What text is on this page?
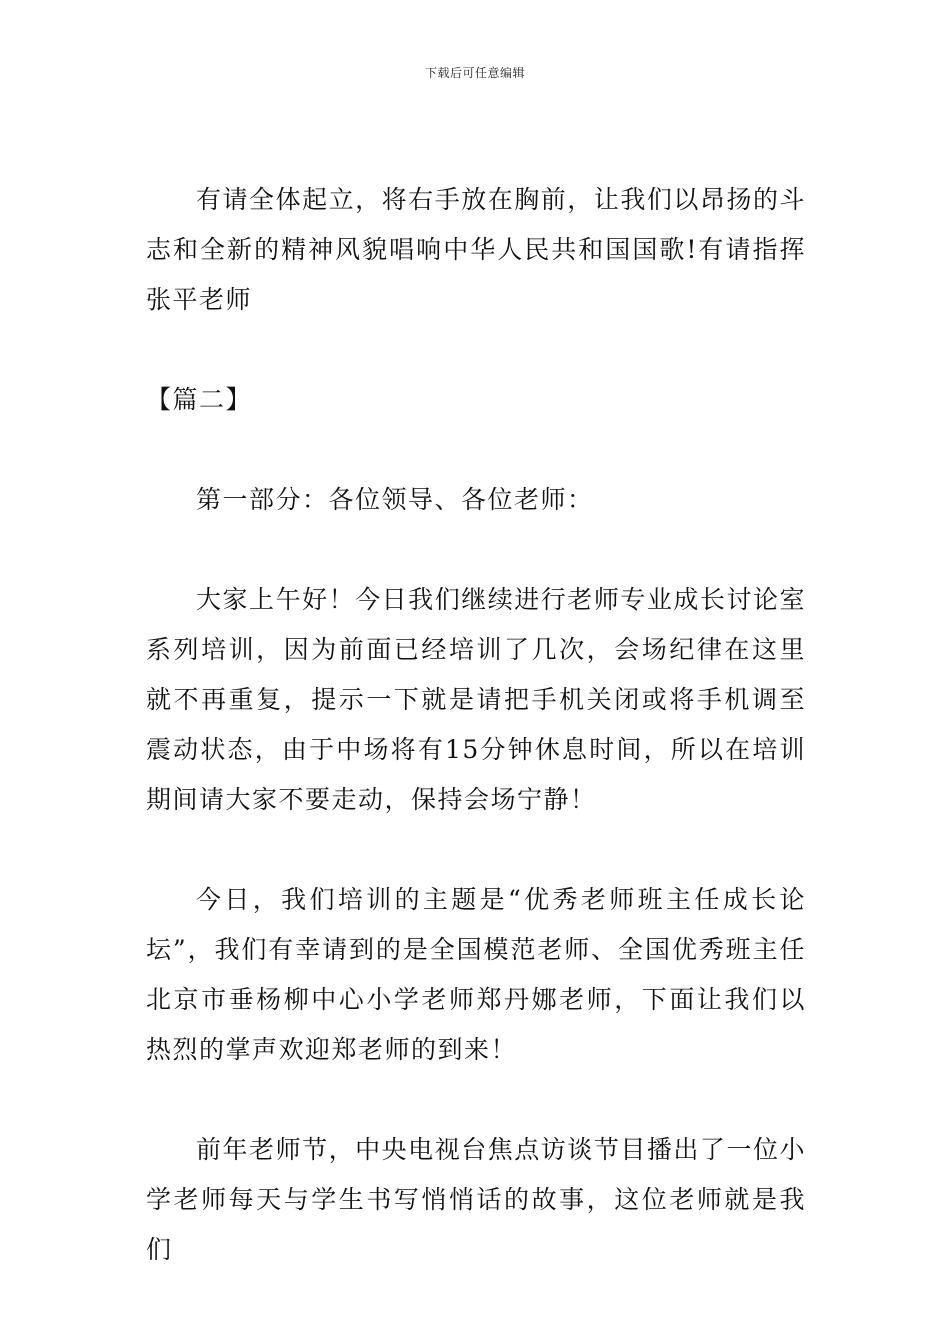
下载后可任意编辑

有请全体起立，将右手放在胸前，让我们以昂扬的斗志和全新的精神风貌唱响中华人民共和国国歌!有请指挥张平老师

【篇二】

第一部分：各位领导、各位老师：

大家上午好！今日我们继续进行老师专业成长讨论室系列培训，因为前面已经培训了几次，会场纪律在这里就不再重复，提示一下就是请把手机关闭或将手机调至震动状态，由于中场将有15分钟休息时间，所以在培训期间请大家不要走动，保持会场宁静！

今日，我们培训的主题是“优秀老师班主任成长论坛”，我们有幸请到的是全国模范老师、全国优秀班主任北京市垂杨柳中心小学老师郑丹娜老师，下面让我们以热烈的掌声欢迎郑老师的到来！

前年老师节，中央电视台焦点访谈节目播出了一位小学老师每天与学生书写悄悄话的故事，这位老师就是我们
